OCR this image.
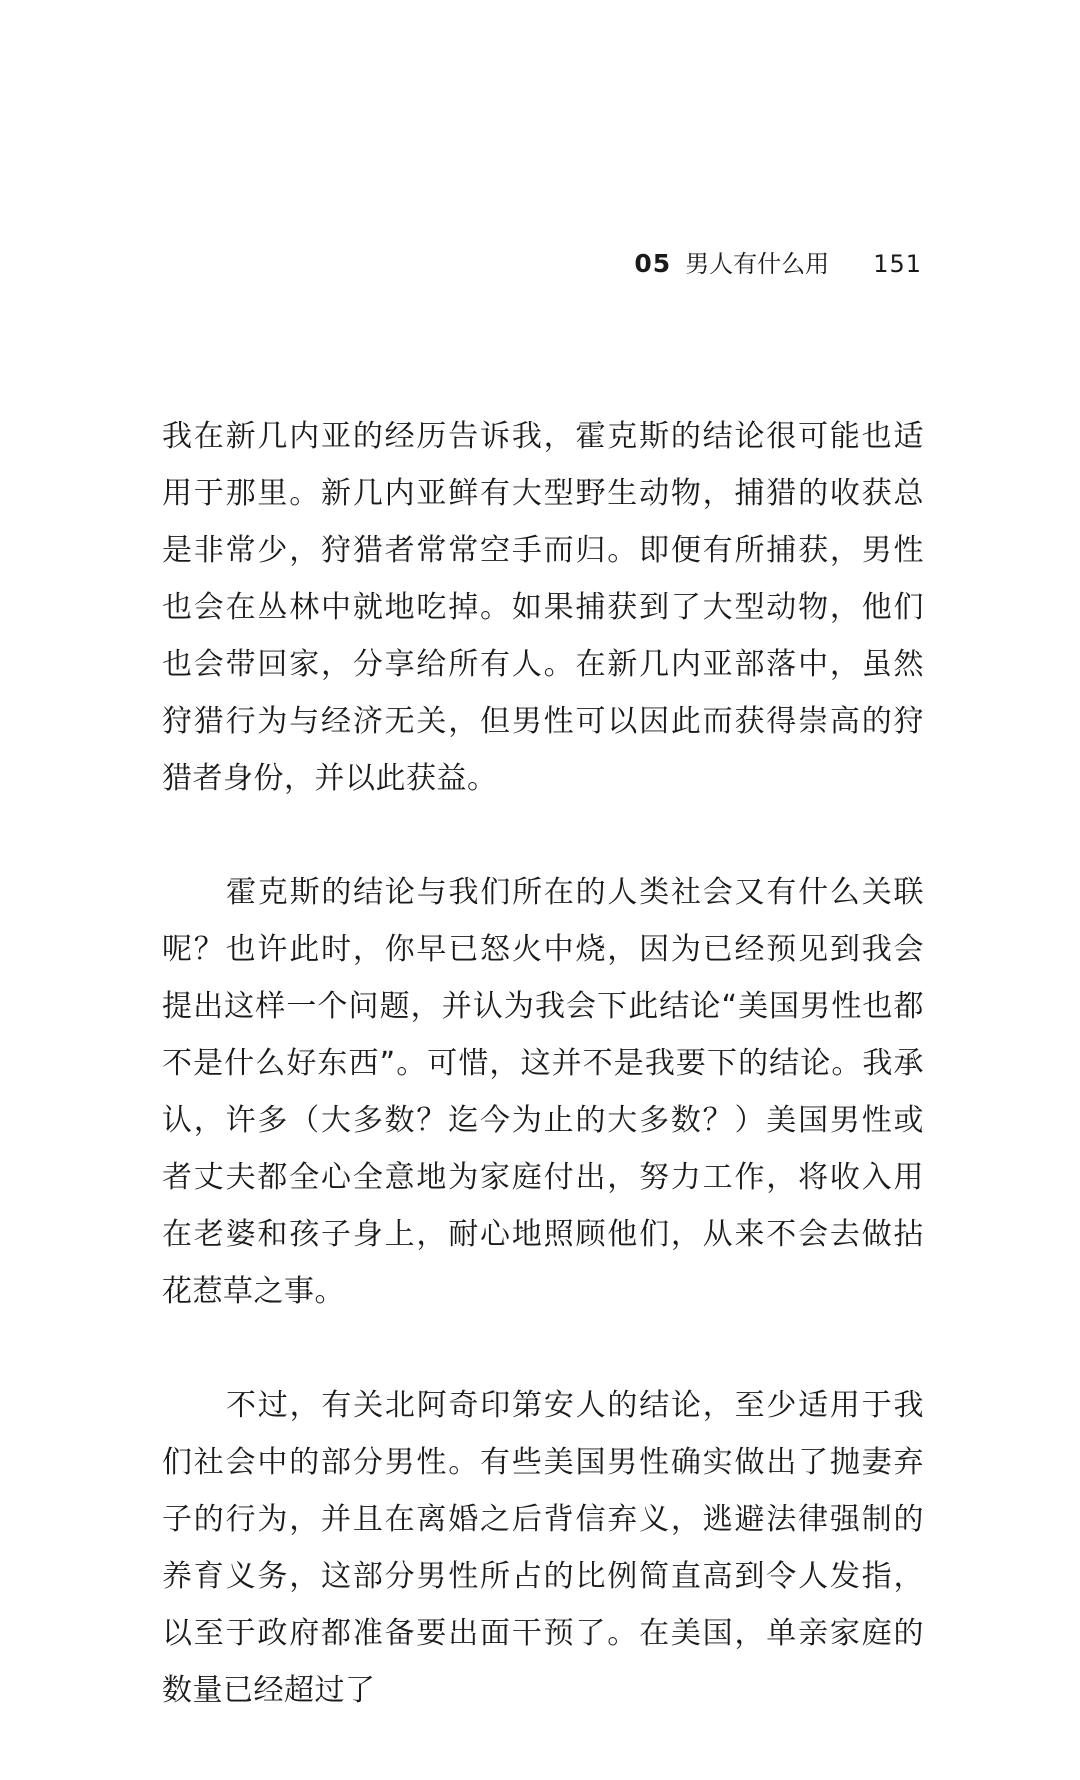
05 男人有什么用 151

我在新几内亚的经历告诉我，霍克斯的结论很可能也适用于那里。新几内亚鲜有大型野生动物，捕猎的收获总是非常少，狩猎者常常空手而归。即便有所捕获，男性也会在丛林中就地吃掉。如果捕获到了大型动物，他们也会带回家，分享给所有人。在新几内亚部落中，虽然狩猎行为与经济无关，但男性可以因此而获得崇高的狩猎者身份，并以此获益。

霍克斯的结论与我们所在的人类社会又有什么关联呢？也许此时，你早已怒火中烧，因为已经预见到我会提出这样一个问题，并认为我会下此结论“美国男性也都不是什么好东西”。可惜，这并不是我要下的结论。我承认，许多（大多数？迄今为止的大多数？）美国男性或者丈夫都全心全意地为家庭付出，努力工作，将收入用在老婆和孩子身上，耐心地照顾他们，从来不会去做拈花惹草之事。

不过，有关北阿奇印第安人的结论，至少适用于我们社会中的部分男性。有些美国男性确实做出了抛妻弃子的行为，并且在离婚之后背信弃义，逃避法律强制的养育义务，这部分男性所占的比例简直高到令人发指，以至于政府都准备要出面干预了。在美国，单亲家庭的数量已经超过了
